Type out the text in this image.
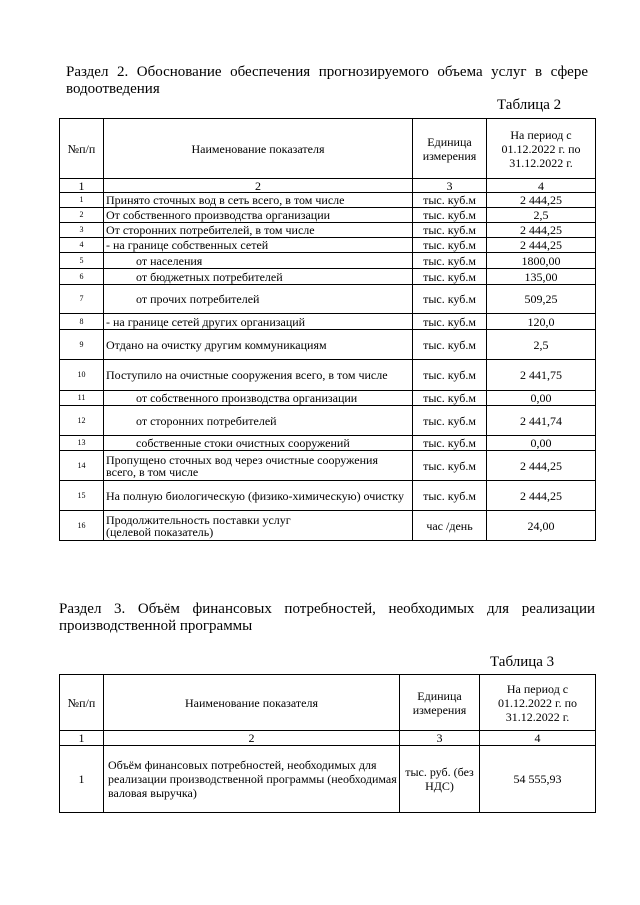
Раздел 2. Обоснование обеспечения прогнозируемого объема услуг в сфере водоотведения
Таблица 2
№п/п	Наименование показателя	Единица измерения	На период с 01.12.2022 г. по 31.12.2022 г.
1	2	3	4
1	Принято сточных вод в сеть всего, в том числе	тыс. куб.м	2 444,25
2	От собственного производства организации	тыс. куб.м	2,5
3	От сторонних потребителей, в том числе	тыс. куб.м	2 444,25
4	- на границе собственных сетей	тыс. куб.м	2 444,25
5	от населения	тыс. куб.м	1800,00
6	от бюджетных потребителей	тыс. куб.м	135,00
7	от прочих потребителей	тыс. куб.м	509,25
8	- на границе сетей других организаций	тыс. куб.м	120,0
9	Отдано на очистку другим коммуникациям	тыс. куб.м	2,5
10	Поступило на очистные сооружения всего, в том числе	тыс. куб.м	2 441,75
11	от собственного производства организации	тыс. куб.м	0,00
12	от сторонних потребителей	тыс. куб.м	2 441,74
13	собственные стоки очистных сооружений	тыс. куб.м	0,00
14	Пропущено сточных вод через очистные сооружения всего, в том числе	тыс. куб.м	2 444,25
15	На полную биологическую (физико-химическую) очистку	тыс. куб.м	2 444,25
16	Продолжительность поставки услуг
(целевой показатель)	час /день	24,00
Раздел 3. Объём финансовых потребностей, необходимых для реализации производственной программы
Таблица 3
№п/п	Наименование показателя	Единица измерения	На период с 01.12.2022 г. по 31.12.2022 г.
1	2	3	4
1	Объём финансовых потребностей, необходимых для реализации производственной программы (необходимая валовая выручка)	тыс. руб. (без НДС)	54 555,93
